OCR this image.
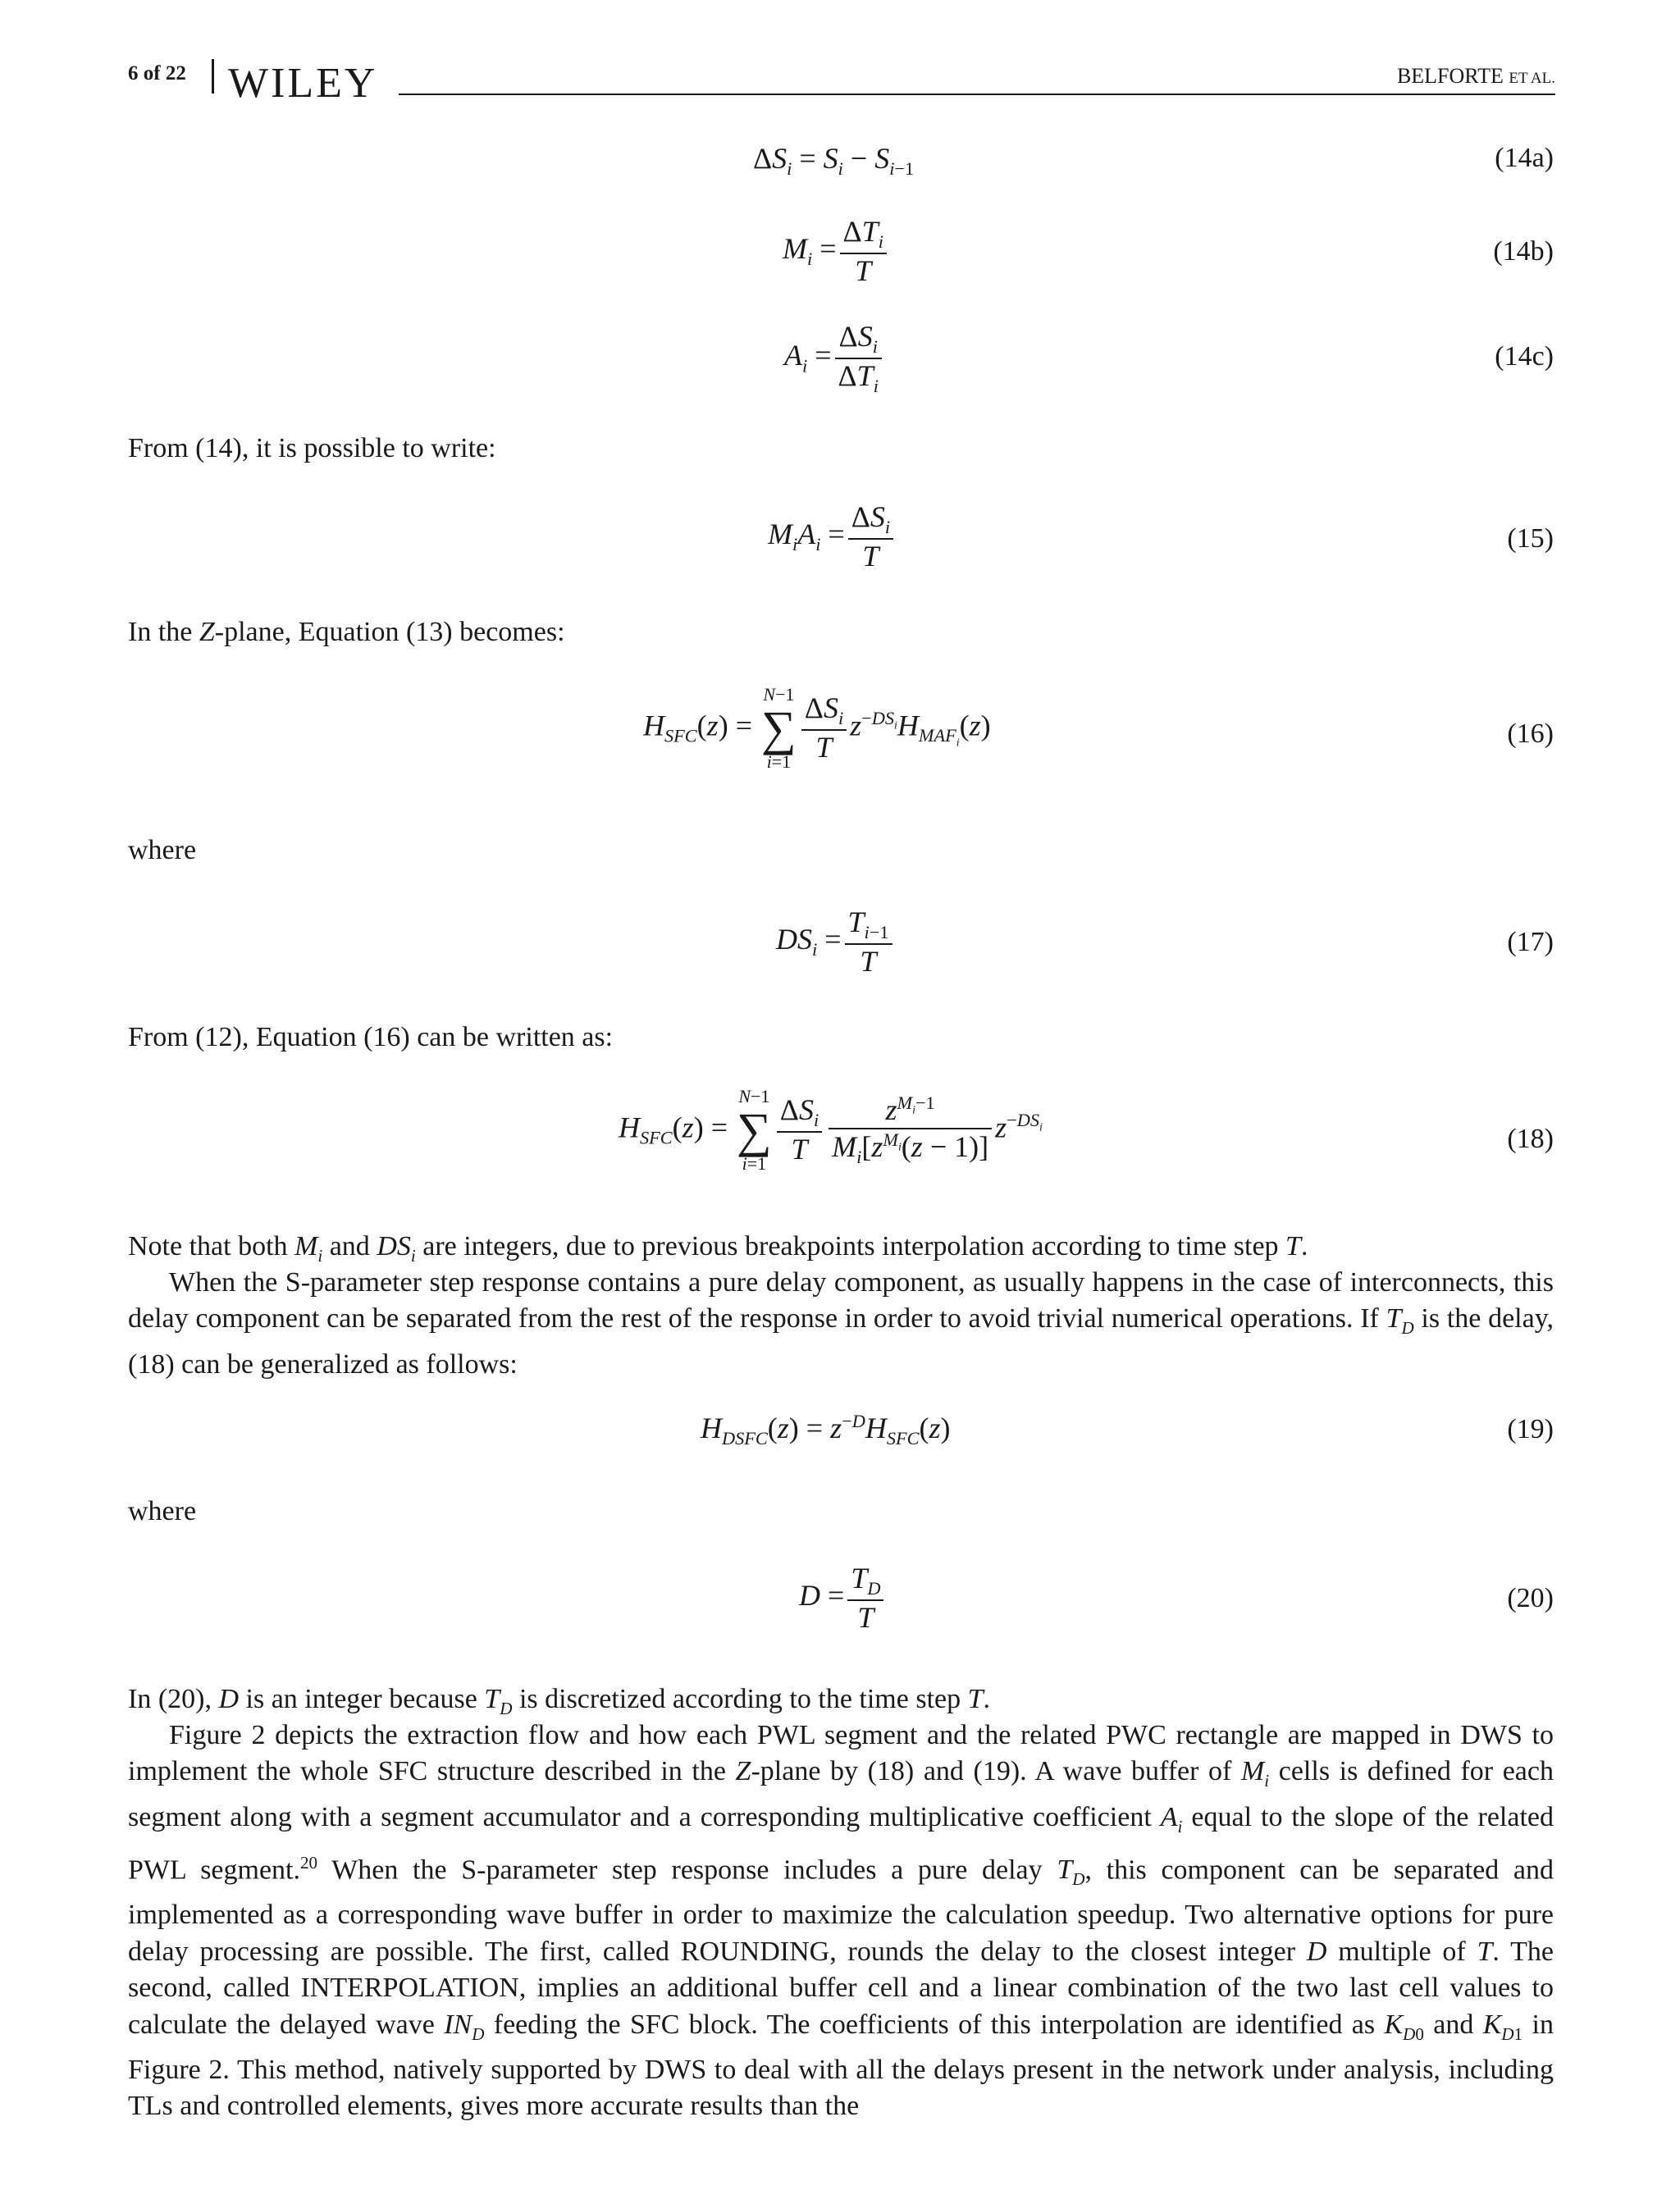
6 of 22 WILEY	BELFORTE ET AL.
$\Delta S_i = S_i - S_{i-1}$	(14a)
$M_i = \frac{\Delta T_i}{T}$	(14b)
$A_i = \frac{\Delta S_i}{\Delta T_i}$	(14c)
From (14), it is possible to write:
$M_iA_i = \frac{\Delta S_i}{T}$	(15)
In the Z-plane, Equation (13) becomes:
$H_{SFC}(z)$ =
N−1
∑
$i=1 \frac{\Delta S_i}{T} z^{-DS_i}H_{MAF_i}(z)$	(16)
where
$DS_i = \frac{T_{i-1}}{T}$	(17)
From (12), Equation (16) can be written as:
$H_{SFC}(z)$ =
N−1
∑
$i=1 \frac{\Delta S_i}{T} \frac{z^{M_i-1}}{M_i[z^{M_i}(z - 1)]} z^{-DS_i}$	(18)
Note that both $M_i$ and $DS_i$ are integers, due to previous breakpoints interpolation according to time step T.
When the S-parameter step response contains a pure delay component, as usually happens in the case of interconnects, this delay component can be separated from the rest of the response in order to avoid trivial numerical operations. If $T_D$ is the delay, (18) can be generalized as follows:
$H_{DSFC}(z) = z^{-D}H_{SFC}(z)$	(19)
where
$D = \frac{T_D}{T}$	(20)
In (20), D is an integer because $T_D$ is discretized according to the time step T.
Figure 2 depicts the extraction flow and how each PWL segment and the related PWC rectangle are mapped in DWS to implement the whole SFC structure described in the Z-plane by (18) and (19). A wave buffer of $M_i$ cells is defined for each segment along with a segment accumulator and a corresponding multiplicative coefficient $A_i$ equal to the slope of the related PWL segment.$^{20}$ When the S-parameter step response includes a pure delay $T_D$, this component can be separated and implemented as a corresponding wave buffer in order to maximize the calculation speedup. Two alternative options for pure delay processing are possible. The first, called ROUNDING, rounds the delay to the closest integer D multiple of T. The second, called INTERPOLATION, implies an additional buffer cell and a linear combination of the two last cell values to calculate the delayed wave $IN_D$ feeding the SFC block. The coefficients of this interpolation are identified as $K_{D0}$ and $K_{D1}$ in Figure 2. This method, natively supported by DWS to deal with all the delays present in the network under analysis, including TLs and controlled elements, gives more accurate results than the
